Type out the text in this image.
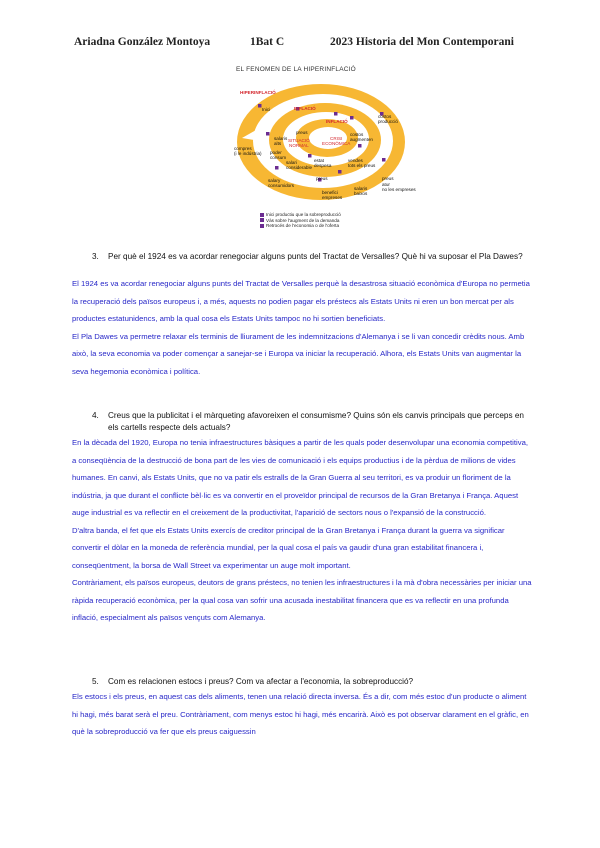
Ariadna González Montoya	1Bat C	2023 Historia del Mon Contemporani
EL FENOMEN DE LA HIPERINFLACIÓ
HIPERINFLACIÓ
INFLACIÓ
INFLACIÓ
Inici
preus
costos
producció
costos
augmenten
SITUACIÓ
NORMAL
CRISI
ECONÒMICA
compres
(i le indústria)
salaris
alts
poder
consum
salari
considerable
estat
despesa
vendes
tots els preus
preus	preus
salary
consumidors	atur
no les empreses
benefici
empreses
salaris
baixos
Inici productiu que la sobreproducció
Vàs sobre l'augment de la demanda
Retrocés de l'economia o de l'oferta
3. Per què el 1924 es va acordar renegociar alguns punts del Tractat de Versalles? Què hi va suposar el Pla Dawes?

El 1924 es va acordar renegociar alguns punts del Tractat de Versalles perquè la desastrosa situació econòmica d'Europa no permetia la recuperació dels països europeus i, a més, aquests no podien pagar els préstecs als Estats Units ni eren un bon mercat per als productes estatunidencs, amb la qual cosa els Estats Units tampoc no hi sortien beneficiats.

El Pla Dawes va permetre relaxar els terminis de lliurament de les indemnitzacions d'Alemanya i se li van concedir crèdits nous. Amb això, la seva economia va poder començar a sanejar-se i Europa va iniciar la recuperació. Alhora, els Estats Units van augmentar la seva hegemonia econòmica i política.

4. Creus que la publicitat i el màrqueting afavoreixen el consumisme? Quins són els canvis principals que perceps en els cartells respecte dels actuals?

En la dècada del 1920, Europa no tenia infraestructures bàsiques a partir de les quals poder desenvolupar una economia competitiva, a conseqüència de la destrucció de bona part de les vies de comunicació i els equips productius i de la pèrdua de milions de vides humanes. En canvi, als Estats Units, que no va patir els estralls de la Gran Guerra al seu territori, es va produir un floriment de la indústria, ja que durant el conflicte bèl·lic es va convertir en el proveïdor principal de recursos de la Gran Bretanya i França. Aquest auge industrial es va reflectir en el creixement de la productivitat, l'aparició de sectors nous o l'expansió de la construcció.

D'altra banda, el fet que els Estats Units exercís de creditor principal de la Gran Bretanya i França durant la guerra va significar convertir el dòlar en la moneda de referència mundial, per la qual cosa el país va gaudir d'una gran estabilitat financera i, conseqüentment, la borsa de Wall Street va experimentar un auge molt important.

Contràriament, els països europeus, deutors de grans préstecs, no tenien les infraestructures i la mà d'obra necessàries per iniciar una ràpida recuperació econòmica, per la qual cosa van sofrir una acusada inestabilitat financera que es va reflectir en una profunda inflació, especialment als països vençuts com Alemanya.

5. Com es relacionen estocs i preus? Com va afectar a l'economia, la sobreproducció?

Els estocs i els preus, en aquest cas dels aliments, tenen una relació directa inversa. És a dir, com més estoc d'un producte o aliment hi hagi, més barat serà el preu. Contràriament, com menys estoc hi hagi, més encarirà. Això es pot observar clarament en el gràfic, en què la sobreproducció va fer que els preus caiguessin
